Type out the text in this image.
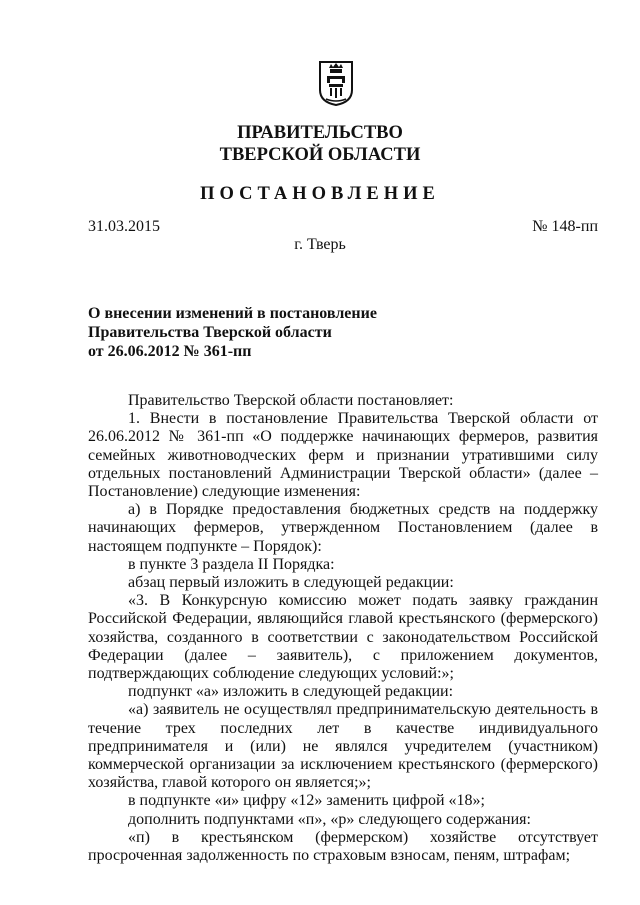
ПРАВИТЕЛЬСТВО
ТВЕРСКОЙ ОБЛАСТИ
ПОСТАНОВЛЕНИЕ
31.03.2015	№ 148-пп
г. Тверь
О внесении изменений в постановление
Правительства Тверской области
от 26.06.2012 № 361-пп

Правительство Тверской области постановляет:

1. Внести в постановление Правительства Тверской области от 26.06.2012 № 361-пп «О поддержке начинающих фермеров, развития семейных животноводческих ферм и признании утратившими силу отдельных постановлений Администрации Тверской области» (далее – Постановление) следующие изменения:

а) в Порядке предоставления бюджетных средств на поддержку начинающих фермеров, утвержденном Постановлением (далее в настоящем подпункте – Порядок):

в пункте 3 раздела II Порядка:

абзац первый изложить в следующей редакции:

«3. В Конкурсную комиссию может подать заявку гражданин Российской Федерации, являющийся главой крестьянского (фермерского) хозяйства, созданного в соответствии с законодательством Российской Федерации (далее – заявитель), с приложением документов, подтверждающих соблюдение следующих условий:»;

подпункт «а» изложить в следующей редакции:

«а) заявитель не осуществлял предпринимательскую деятельность в течение трех последних лет в качестве индивидуального предпринимателя и (или) не являлся учредителем (участником) коммерческой организации за исключением крестьянского (фермерского) хозяйства, главой которого он является;»;

в подпункте «и» цифру «12» заменить цифрой «18»;

дополнить подпунктами «п», «р» следующего содержания:

«п) в крестьянском (фермерском) хозяйстве отсутствует просроченная задолженность по страховым взносам, пеням, штрафам;
